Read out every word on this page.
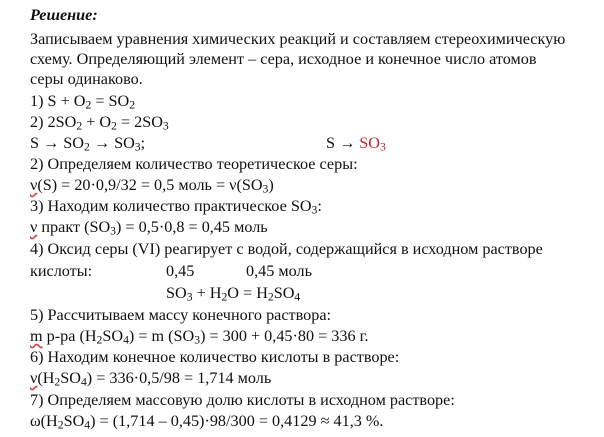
Решение:
Записываем уравнения химических реакций и составляем стереохимическую
схему. Определяющий элемент – сера, исходное и конечное число атомов
серы одинаково.
1) $S + O_2 = SO_2$
2) $2SO_2 + O_2 = 2SO_3$
$S \to SO_2 \to SO_3$;	$S \to SO_3$
2) Определяем количество теоретическое серы:
ν(S) = 20·0,9/32 = 0,5 моль = $\nu(SO_3)$
3) Находим количество практическое $SO_3$:
ν практ $(SO_3) = 0,5\cdot 0,8 = 0,45$ моль
4) Оксид серы (VI) реагирует с водой, содержащийся в исходном растворе
кислоты:	0,45	0,45 моль
$SO_3 + H_2O = H_2SO_4$
5) Рассчитываем массу конечного раствора:
m р-ра $(H_2SO_4) = m$ $(SO_3) = 300 + 0,45\cdot 80 = 336$ г.
6) Находим конечное количество кислоты в растворе:
$\nu(H_2SO_4) = 336\cdot 0,5/98 = 1,714$ моль
7) Определяем массовую долю кислоты в исходном растворе:
$\omega(H_2SO_4) = (1,714 - 0,45)\cdot 98/300 = 0,4129 \approx 41,3$ %.
